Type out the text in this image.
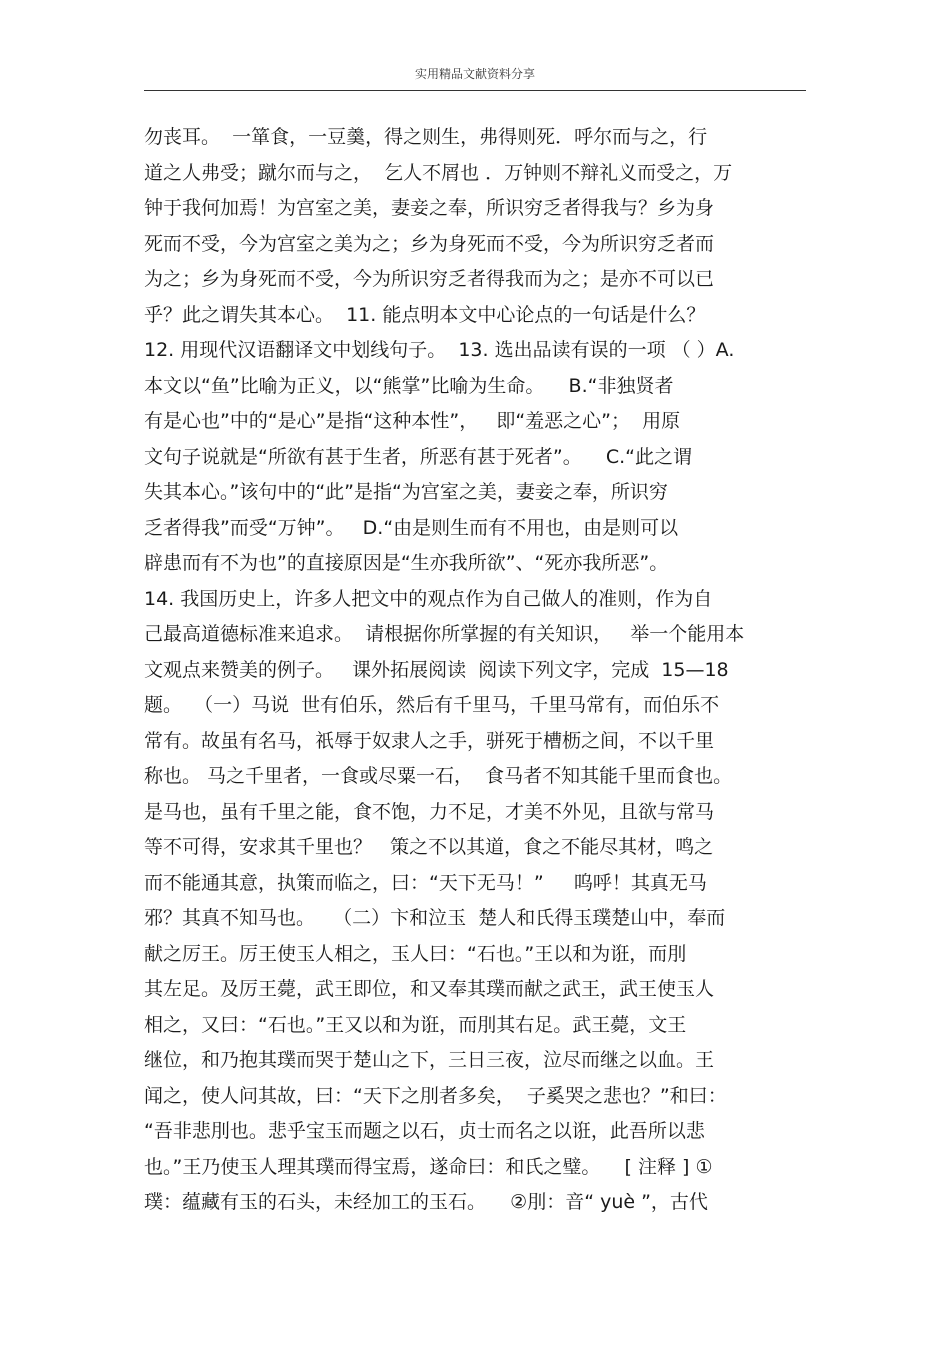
实用精品文献资料分享
勿丧耳。  一箪食，一豆羹，得之则生，弗得则死．呼尔而与之，行
道之人弗受；蹴尔而与之，  乞人不屑也 ．万钟则不辩礼义而受之，万
钟于我何加焉！为宫室之美，妻妾之奉，所识穷乏者得我与？乡为身
死而不受，今为宫室之美为之；乡为身死而不受，今为所识穷乏者而
为之；乡为身死而不受，今为所识穷乏者得我而为之；是亦不可以已
乎？此之谓失其本心。  11. 能点明本文中心论点的一句话是什么？
12. 用现代汉语翻译文中划线句子。  13. 选出品读有误的一项 （ ）A.
本文以“鱼”比喻为正义，以“熊掌”比喻为生命。    B.“非独贤者
有是心也”中的“是心”是指“这种本性”，   即“羞恶之心”；  用原
文句子说就是“所欲有甚于生者，所恶有甚于死者”。    C.“此之谓
失其本心。”该句中的“此”是指“为宫室之美，妻妾之奉，所识穷
乏者得我”而受“万钟”。   D.“由是则生而有不用也，由是则可以
辟患而有不为也”的直接原因是“生亦我所欲”、“死亦我所恶”。
14. 我国历史上，许多人把文中的观点作为自己做人的准则，作为自
己最高道德标准来追求。  请根据你所掌握的有关知识，   举一个能用本
文观点来赞美的例子。   课外拓展阅读  阅读下列文字，完成  15—18
题。  （一）马说  世有伯乐，然后有千里马，千里马常有，而伯乐不
常有。故虽有名马，祇辱于奴隶人之手，骈死于槽枥之间，不以千里
称也。 马之千里者，一食或尽粟一石，  食马者不知其能千里而食也。
是马也，虽有千里之能，食不饱，力不足，才美不外见，且欲与常马
等不可得，安求其千里也？   策之不以其道，食之不能尽其材，鸣之
而不能通其意，执策而临之，曰：“天下无马！”     呜呼！其真无马
邪？其真不知马也。   （二）卞和泣玉  楚人和氏得玉璞楚山中，奉而
献之厉王。厉王使玉人相之，玉人曰：“石也。”王以和为诳，而刖
其左足。及厉王薨，武王即位，和又奉其璞而献之武王，武王使玉人
相之，又曰：“石也。”王又以和为诳，而刖其右足。武王薨，文王
继位，和乃抱其璞而哭于楚山之下，三日三夜，泣尽而继之以血。王
闻之，使人问其故，曰：“天下之刖者多矣，  子奚哭之悲也？”和曰：
“吾非悲刖也。悲乎宝玉而题之以石，贞士而名之以诳，此吾所以悲
也。”王乃使玉人理其璞而得宝焉，遂命曰：和氏之璧。    [ 注释 ] ①
璞：蕴藏有玉的石头，未经加工的玉石。    ②刖：音“ yuè ”，古代
